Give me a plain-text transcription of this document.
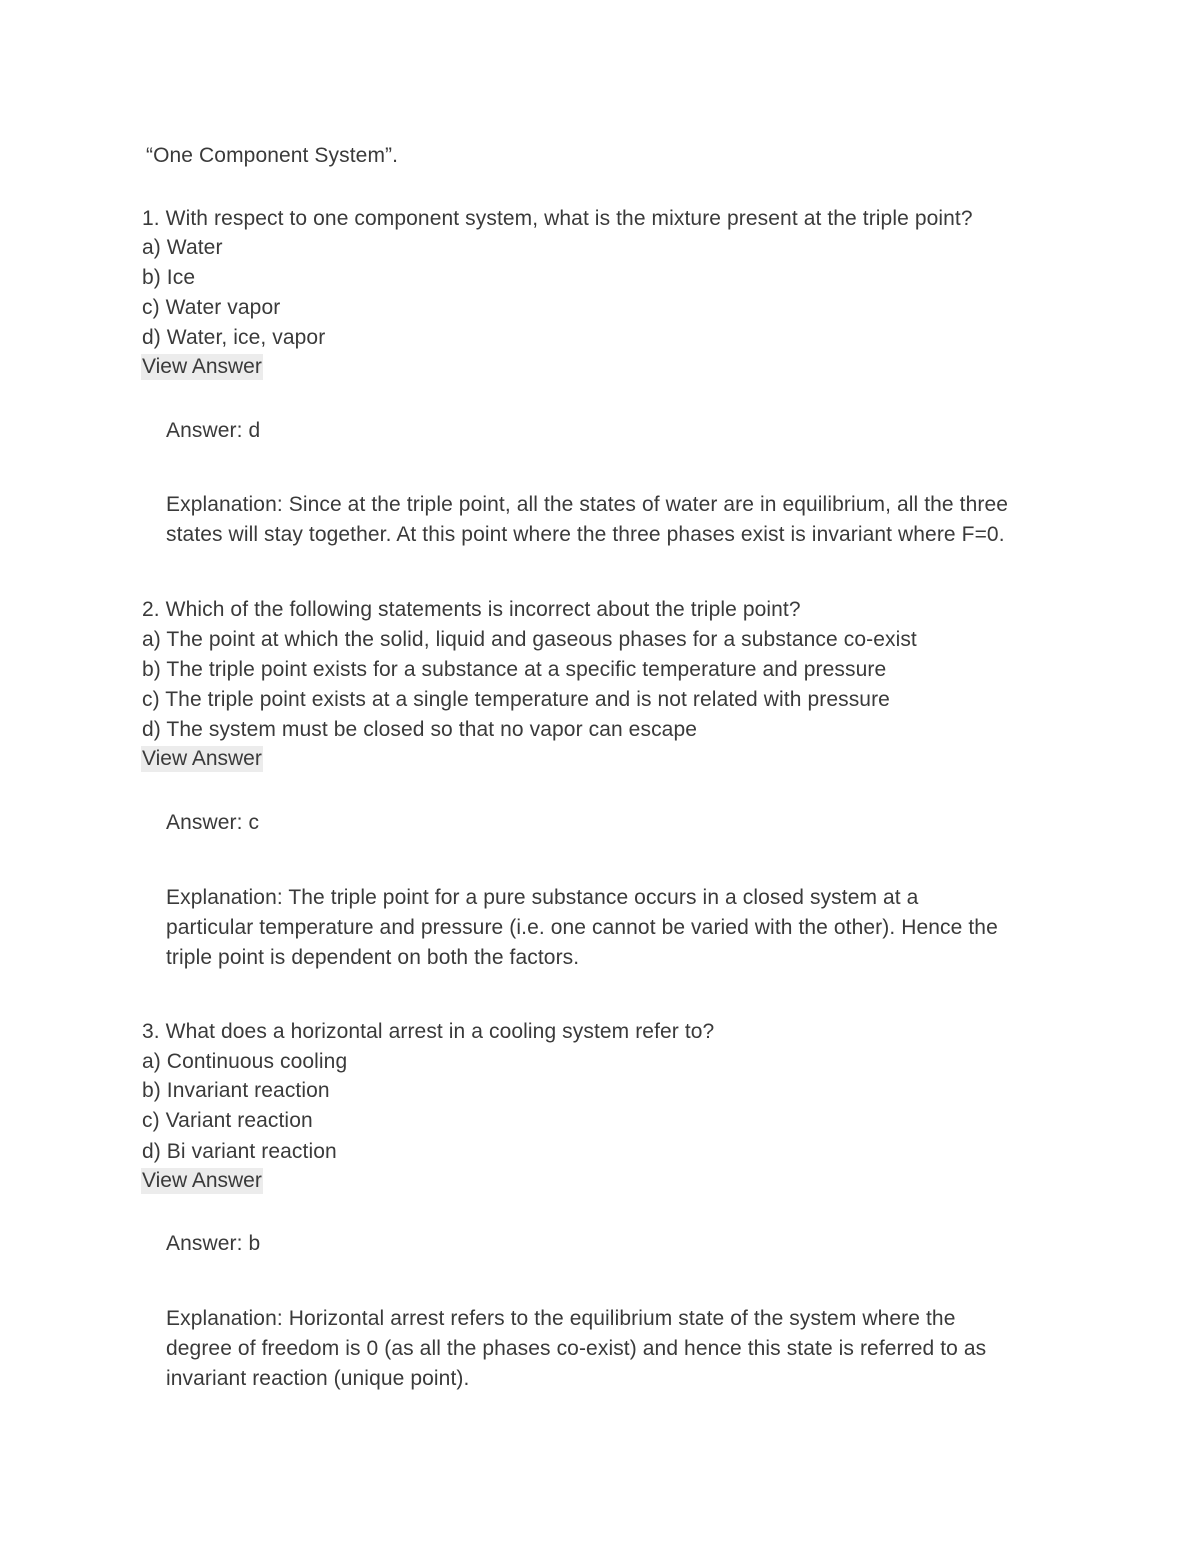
“One Component System”.
1. With respect to one component system, what is the mixture present at the triple point?
a) Water
b) Ice
c) Water vapor
d) Water, ice, vapor
View Answer
Answer: d
Explanation: Since at the triple point, all the states of water are in equilibrium, all the three
states will stay together. At this point where the three phases exist is invariant where F=0.
2. Which of the following statements is incorrect about the triple point?
a) The point at which the solid, liquid and gaseous phases for a substance co-exist
b) The triple point exists for a substance at a specific temperature and pressure
c) The triple point exists at a single temperature and is not related with pressure
d) The system must be closed so that no vapor can escape
View Answer
Answer: c
Explanation: The triple point for a pure substance occurs in a closed system at a
particular temperature and pressure (i.e. one cannot be varied with the other). Hence the
triple point is dependent on both the factors.
3. What does a horizontal arrest in a cooling system refer to?
a) Continuous cooling
b) Invariant reaction
c) Variant reaction
d) Bi variant reaction
View Answer
Answer: b
Explanation: Horizontal arrest refers to the equilibrium state of the system where the
degree of freedom is 0 (as all the phases co-exist) and hence this state is referred to as
invariant reaction (unique point).
